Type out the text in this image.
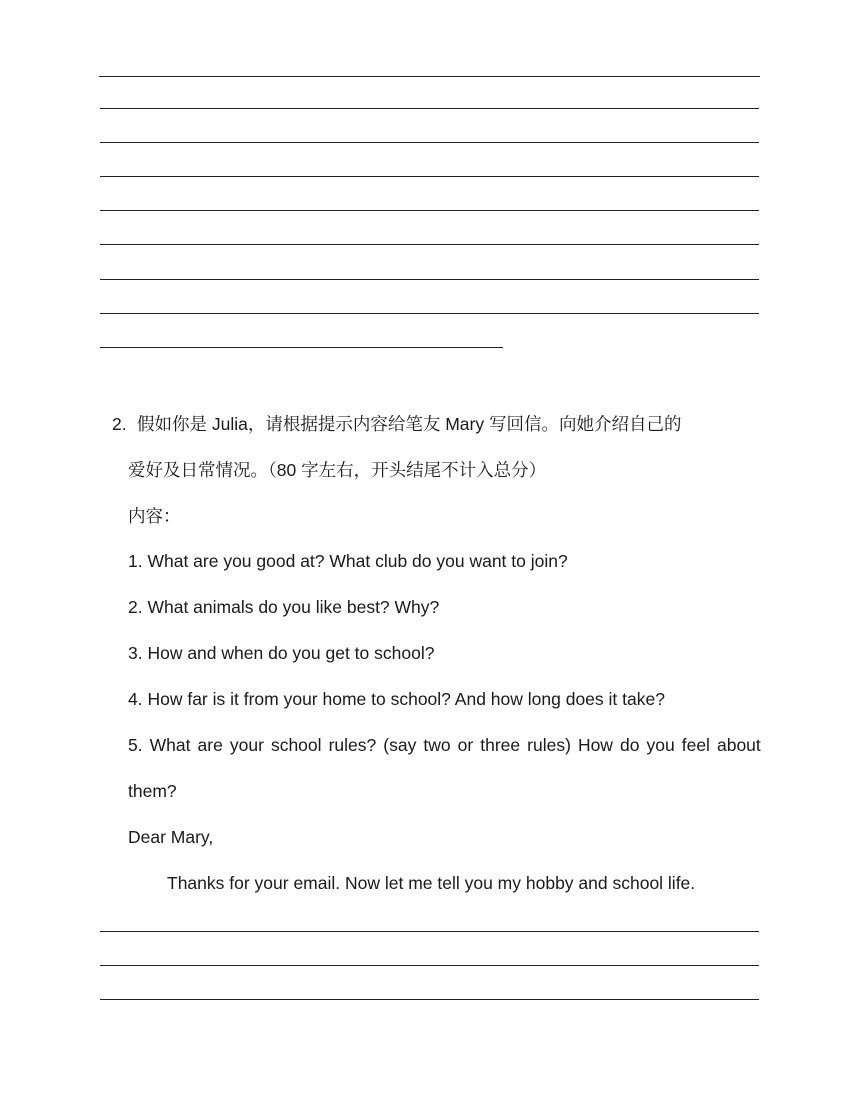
2. 假如你是 Julia，请根据提示内容给笔友 Mary 写回信。向她介绍自己的
爱好及日常情况。（80 字左右，开头结尾不计入总分）
内容：
1. What are you good at? What club do you want to join?
2. What animals do you like best? Why?
3. How and when do you get to school?
4. How far is it from your home to school? And how long does it take?
5. What are your school rules? (say two or three rules) How do you feel about
them?
Dear Mary,
Thanks for your email. Now let me tell you my hobby and school life.
